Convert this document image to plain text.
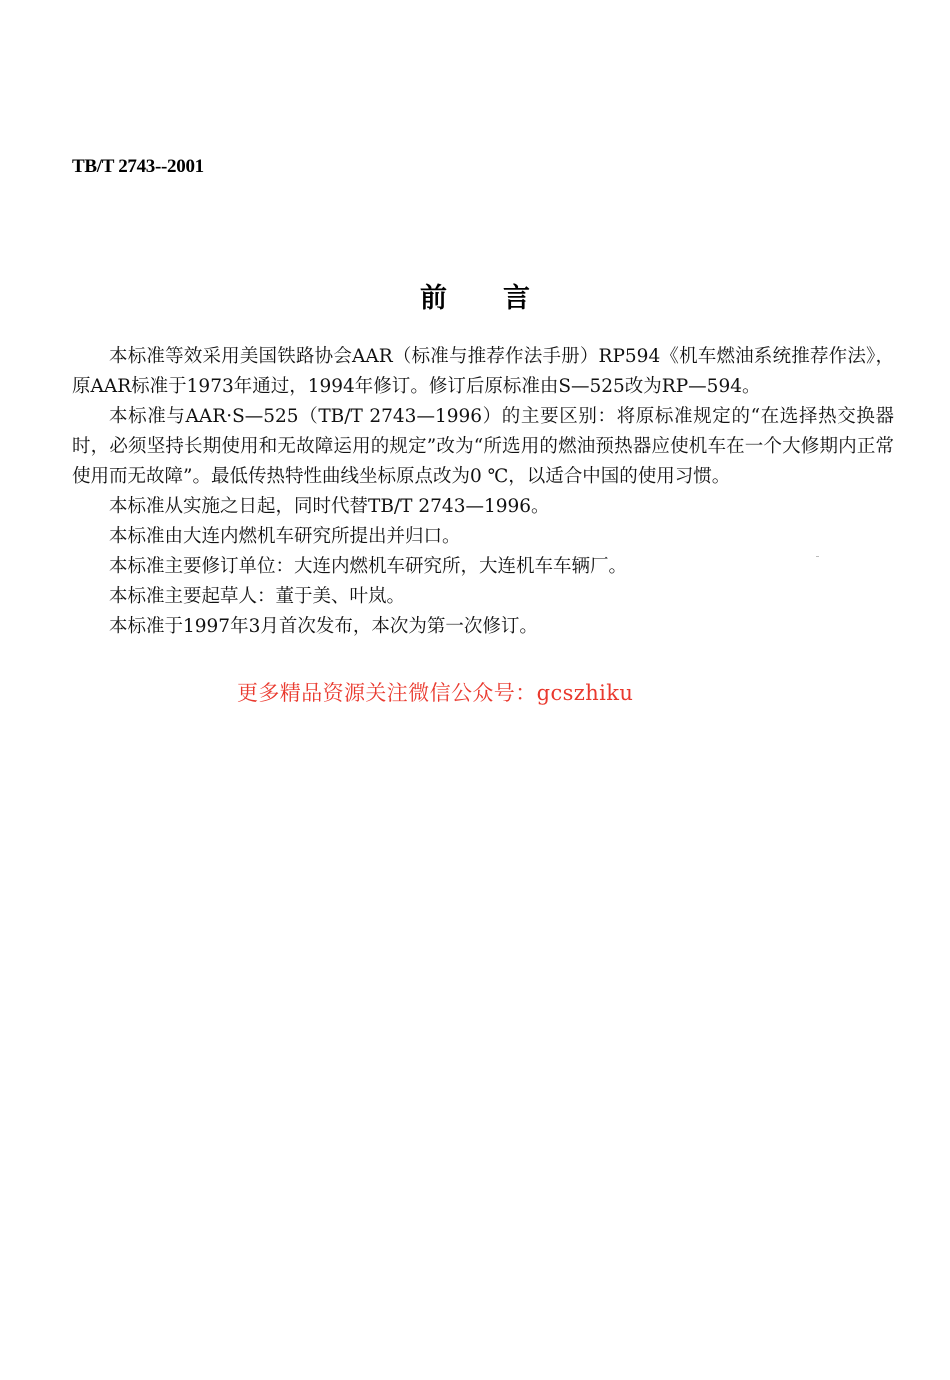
TB/T 2743--2001
前言

本标准等效采用美国铁路协会AAR（标准与推荐作法手册）RP594《机车燃油系统推荐作法》，原AAR标准于1973年通过，1994年修订。修订后原标准由S—525改为RP—594。

本标准与AAR·S—525（TB/T 2743—1996）的主要区别：将原标准规定的“在选择热交换器时，必须坚持长期使用和无故障运用的规定”改为“所选用的燃油预热器应使机车在一个大修期内正常使用而无故障”。最低传热特性曲线坐标原点改为0 ℃，以适合中国的使用习惯。

本标准从实施之日起，同时代替TB/T 2743—1996。

本标准由大连内燃机车研究所提出并归口。

本标准主要修订单位：大连内燃机车研究所，大连机车车辆厂。

本标准主要起草人：董于美、叶岚。

本标准于1997年3月首次发布，本次为第一次修订。

更多精品资源关注微信公众号：gcszhiku
